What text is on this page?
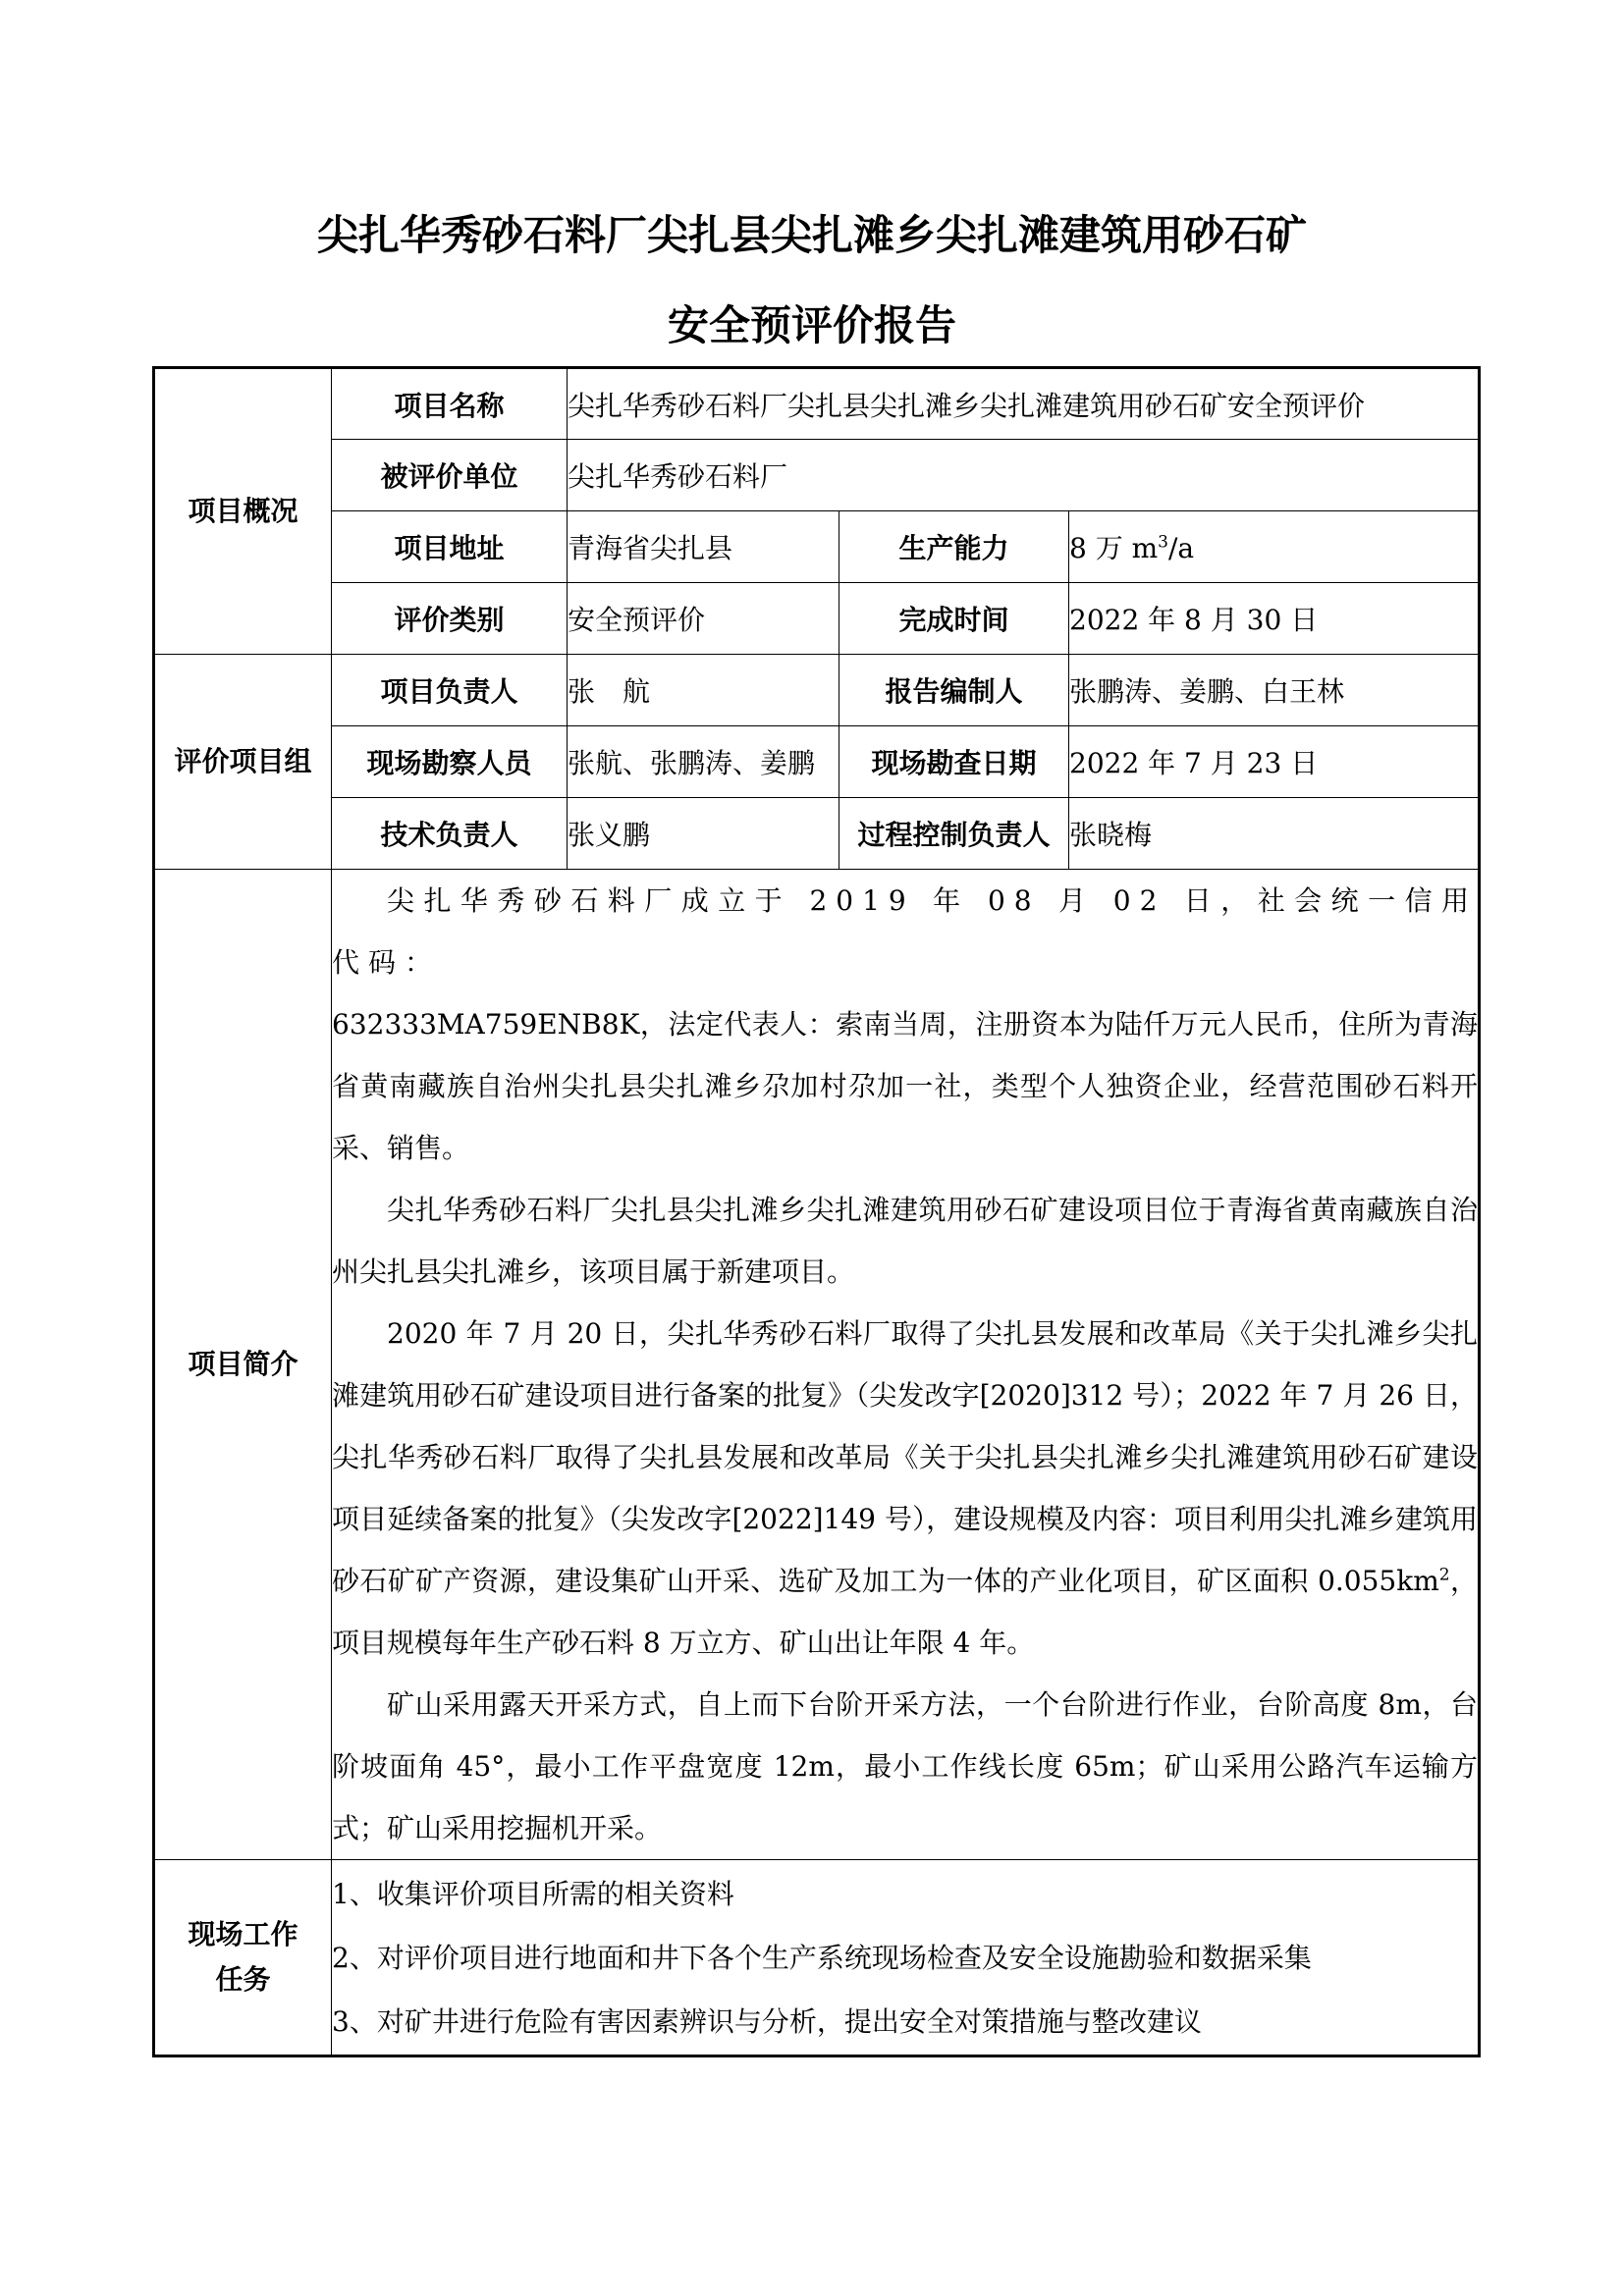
尖扎华秀砂石料厂尖扎县尖扎滩乡尖扎滩建筑用砂石矿
安全预评价报告
项目概况	项目名称	尖扎华秀砂石料厂尖扎县尖扎滩乡尖扎滩建筑用砂石矿安全预评价		
	被评价单位	尖扎华秀砂石料厂		
	项目地址	青海省尖扎县	生产能力	8 万 $m^3/a$
	评价类别	安全预评价	完成时间	2022 年 8 月 30 日
评价项目组	项目负责人	张　航	报告编制人	张鹏涛、姜鹏、白王林
	现场勘察人员	张航、张鹏涛、姜鹏	现场勘查日期	2022 年 7 月 23 日
	技术负责人	张义鹏	过程控制负责人	张晓梅
项目简介	尖扎华秀砂石料厂成立于 2019 年 08 月 02 日，社会统一信用代码：

632333MA759ENB8K，法定代表人：索南当周，注册资本为陆仟万元人民币，住所为青海省黄南藏族自治州尖扎县尖扎滩乡尕加村尕加一社，类型个人独资企业，经营范围砂石料开采、销售。

尖扎华秀砂石料厂尖扎县尖扎滩乡尖扎滩建筑用砂石矿建设项目位于青海省黄南藏族自治州尖扎县尖扎滩乡，该项目属于新建项目。

2020 年 7 月 20 日，尖扎华秀砂石料厂取得了尖扎县发展和改革局《关于尖扎滩乡尖扎滩建筑用砂石矿建设项目进行备案的批复》（尖发改字[2020]312 号）；2022 年 7 月 26 日，尖扎华秀砂石料厂取得了尖扎县发展和改革局《关于尖扎县尖扎滩乡尖扎滩建筑用砂石矿建设项目延续备案的批复》（尖发改字[2022]149 号），建设规模及内容：项目利用尖扎滩乡建筑用砂石矿矿产资源，建设集矿山开采、选矿及加工为一体的产业化项目，矿区面积 $0.055km^2$，项目规模每年生产砂石料 8 万立方、矿山出让年限 4 年。

矿山采用露天开采方式，自上而下台阶开采方法，一个台阶进行作业，台阶高度 8m，台阶坡面角 45°，最小工作平盘宽度 12m，最小工作线长度 65m；矿山采用公路汽车运输方式；矿山采用挖掘机开采。			

现场工作任务	1、收集评价项目所需的相关资料
2、对评价项目进行地面和井下各个生产系统现场检查及安全设施勘验和数据采集
3、对矿井进行危险有害因素辨识与分析，提出安全对策措施与整改建议			
